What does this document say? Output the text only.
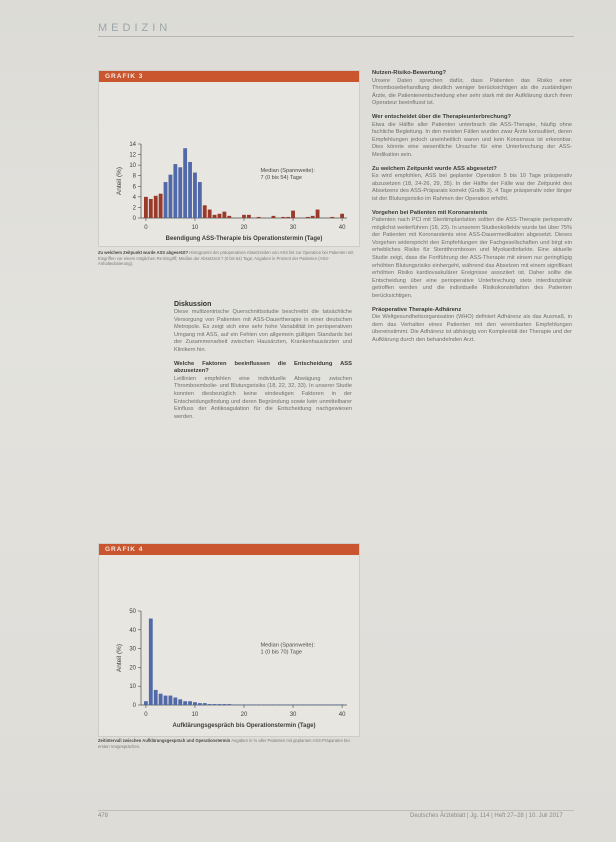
MEDIZIN
GRAFIK 3
0
2
4
6
8
10
12
14
0	10	20	30	40
Anteil (%)
Beendigung ASS-Therapie bis Operationstermin (Tage)
Median (Spannweite):
7 (0 bis 54) Tage
Zu welchem Zeitpunkt wurde ASS abgesetzt? Histogramm der präoperativen Absetzzeiten von ASS bis zur Operation bei Patienten mit Eingriffen vor einem möglichen Re-Eingriff; Median der Absetzzeit 7 (0 bis 54) Tage; Angaben in Prozent der Patienten (ASS-Anhaltedosierung).
Diskussion

Diese multizentrische Querschnittsstudie beschreibt die tatsächliche Versorgung von Patienten mit ASS-Dauertherapie in einer deutschen Metropole. Es zeigt sich eine sehr hohe Variabilität im perioperativen Umgang mit ASS, auf ein Fehlen von allgemein gültigen Standards bei der Zusammenarbeit zwischen Hausärzten, Krankenhausärzten und Klinikern hin.

Welche Faktoren beeinflussen die Entscheidung ASS abzusetzen?

Leitlinien empfehlen eine individuelle Abwägung zwischen Thromboembolie- und Blutungsrisiko (18, 22, 32, 33). In unserer Studie konnten diesbezüglich keine eindeutigen Faktoren in der Entscheidungsfindung und deren Begründung sowie kein unmittelbarer Einfluss der Antikoagulation für die Entscheidung nachgewiesen werden.

GRAFIK 4
0
10
20
30
40
50
0	10	20	30	40
Anteil (%)
Aufklärungsgespräch bis Operationstermin (Tage)
Median (Spannweite):
1 (0 bis 70) Tage
Zeitintervall zwischen Aufklärungsgespräch und Operationstermin Angaben in % aller Patienten mit geplanten ASS-Präparaten bei ersten Vorgesprächen.
Nutzen-Risiko-Bewertung?

Unsere Daten sprechen dafür, dass Patienten das Risiko einer Thrombosebehandlung deutlich weniger berücksichtigen als die zuständigen Ärzte, die Patientenentscheidung eher sehr stark mit der Aufklärung durch ihren Operateur beeinflusst ist.

Wer entscheidet über die Therapieunterbrechung?

Etwa die Hälfte aller Patienten unterbrach die ASS-Therapie, häufig ohne fachliche Begleitung. In den meisten Fällen wurden zwar Ärzte konsultiert, deren Empfehlungen jedoch uneinheitlich waren und kein Konsensus ist erkennbar. Dies könnte eine wesentliche Ursache für eine Unterbrechung der ASS-Medikation sein.

Zu welchem Zeitpunkt wurde ASS abgesetzt?

Es wird empfohlen, ASS bei geplanter Operation 5 bis 10 Tage präoperativ abzusetzen (18, 24-26, 29, 35). In der Hälfte der Fälle war der Zeitpunkt des Absetzens des ASS-Präparats korrekt (Grafik 3). 4 Tage präoperativ oder länger ist der Blutungsrisiko im Rahmen der Operation erhöht.

Vorgehen bei Patienten mit Koronarstents

Patienten nach PCI mit Stentimplantation sollten die ASS-Therapie perioperativ möglichst weiterführen (18, 23). In unserem Studienkollektiv wurde bei über 75% der Patienten mit Koronarstents eine ASS-Dauermedikation abgesetzt. Dieses Vorgehen widerspricht den Empfehlungen der Fachgesellschaften und birgt ein erhebliches Risiko für Stentthrombosen und Myokardinfarkte. Eine aktuelle Studie zeigt, dass die Fortführung der ASS-Therapie mit einem nur geringfügig erhöhten Blutungsrisiko einhergeht, während das Absetzen mit einem signifikant erhöhten Risiko kardiovaskulärer Ereignisse assoziiert ist. Daher sollte die Entscheidung über eine perioperative Unterbrechung stets interdisziplinär getroffen werden und die individuelle Risikokonstellation des Patienten berücksichtigen.

Präoperative Therapie-Adhärenz

Die Weltgesundheitsorganisation (WHO) definiert Adhärenz als das Ausmaß, in dem das Verhalten eines Patienten mit den vereinbarten Empfehlungen übereinstimmt. Die Adhärenz ist abhängig von Komplexität der Therapie und der Aufklärung durch den behandelnden Arzt.

478	Deutsches Ärzteblatt | Jg. 114 | Heft 27–28 | 10. Juli 2017
